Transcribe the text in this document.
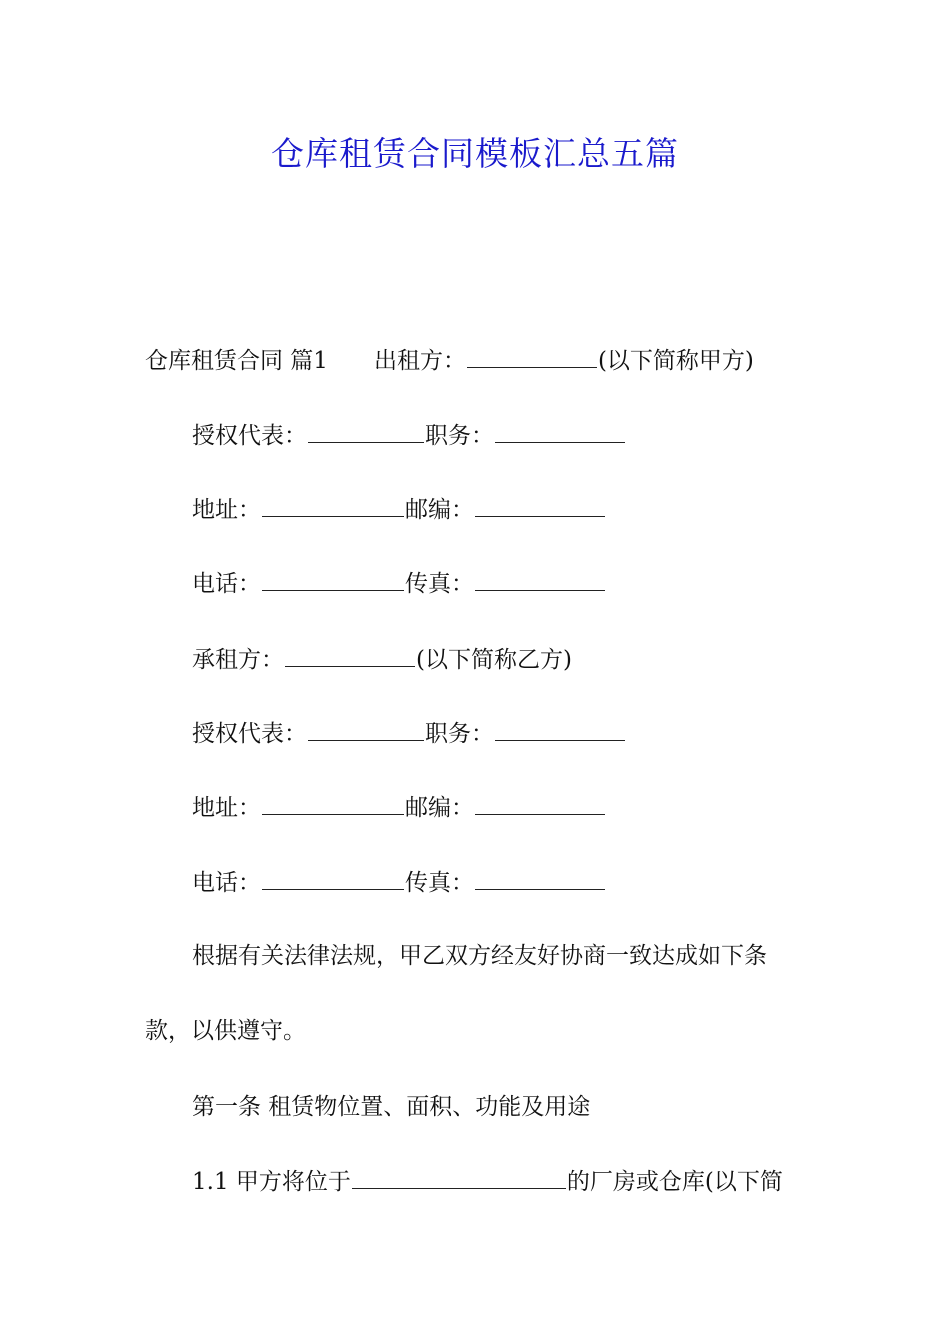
仓库租赁合同模板汇总五篇
仓库租赁合同 篇1 出租方：	(以下简称甲方)
授权代表：	职务：
地址：	邮编：
电话：	传真：
承租方：	(以下简称乙方)
授权代表：	职务：
地址：	邮编：
电话：	传真：
根据有关法律法规，甲乙双方经友好协商一致达成如下条
款，以供遵守。
第一条 租赁物位置、面积、功能及用途
1.1 甲方将位于	的厂房或仓库(以下简
